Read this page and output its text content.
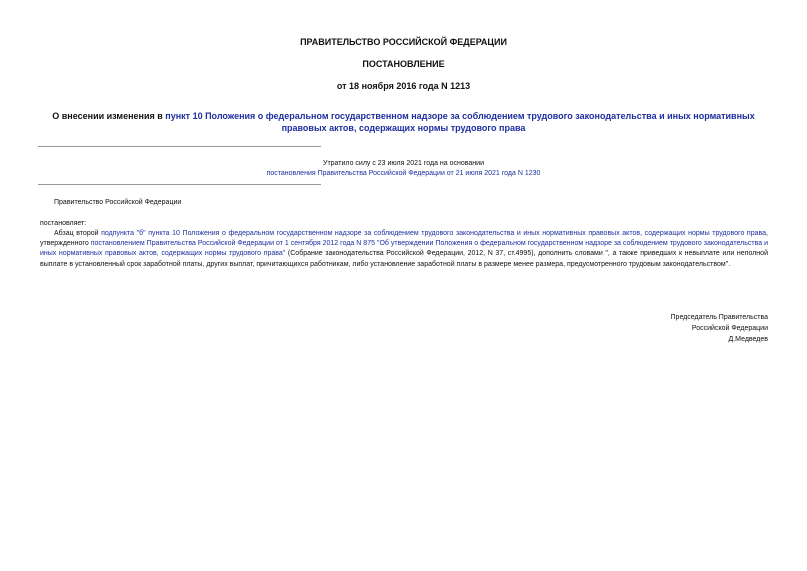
ПРАВИТЕЛЬСТВО РОССИЙСКОЙ ФЕДЕРАЦИИ
ПОСТАНОВЛЕНИЕ
от 18 ноября 2016 года N 1213
О внесении изменения в пункт 10 Положения о федеральном государственном надзоре за соблюдением трудового законодательства и иных нормативных правовых актов, содержащих нормы трудового права
Утратило силу с 23 июля 2021 года на основании
постановления Правительства Российской Федерации от 21 июля 2021 года N 1230
Правительство Российской Федерации
постановляет:
Абзац второй подпункта "б" пункта 10 Положения о федеральном государственном надзоре за соблюдением трудового законодательства и иных нормативных правовых актов, содержащих нормы трудового права, утвержденного постановлением Правительства Российской Федерации от 1 сентября 2012 года N 875 "Об утверждении Положения о федеральном государственном надзоре за соблюдением трудового законодательства и иных нормативных правовых актов, содержащих нормы трудового права" (Собрание законодательства Российской Федерации, 2012, N 37, ст.4995), дополнить словами ", а также приведших к невыплате или неполной выплате в установленный срок заработной платы, других выплат, причитающихся работникам, либо установление заработной платы в размере менее размера, предусмотренного трудовым законодательством".
Председатель Правительства
Российской Федерации
Д.Медведев
